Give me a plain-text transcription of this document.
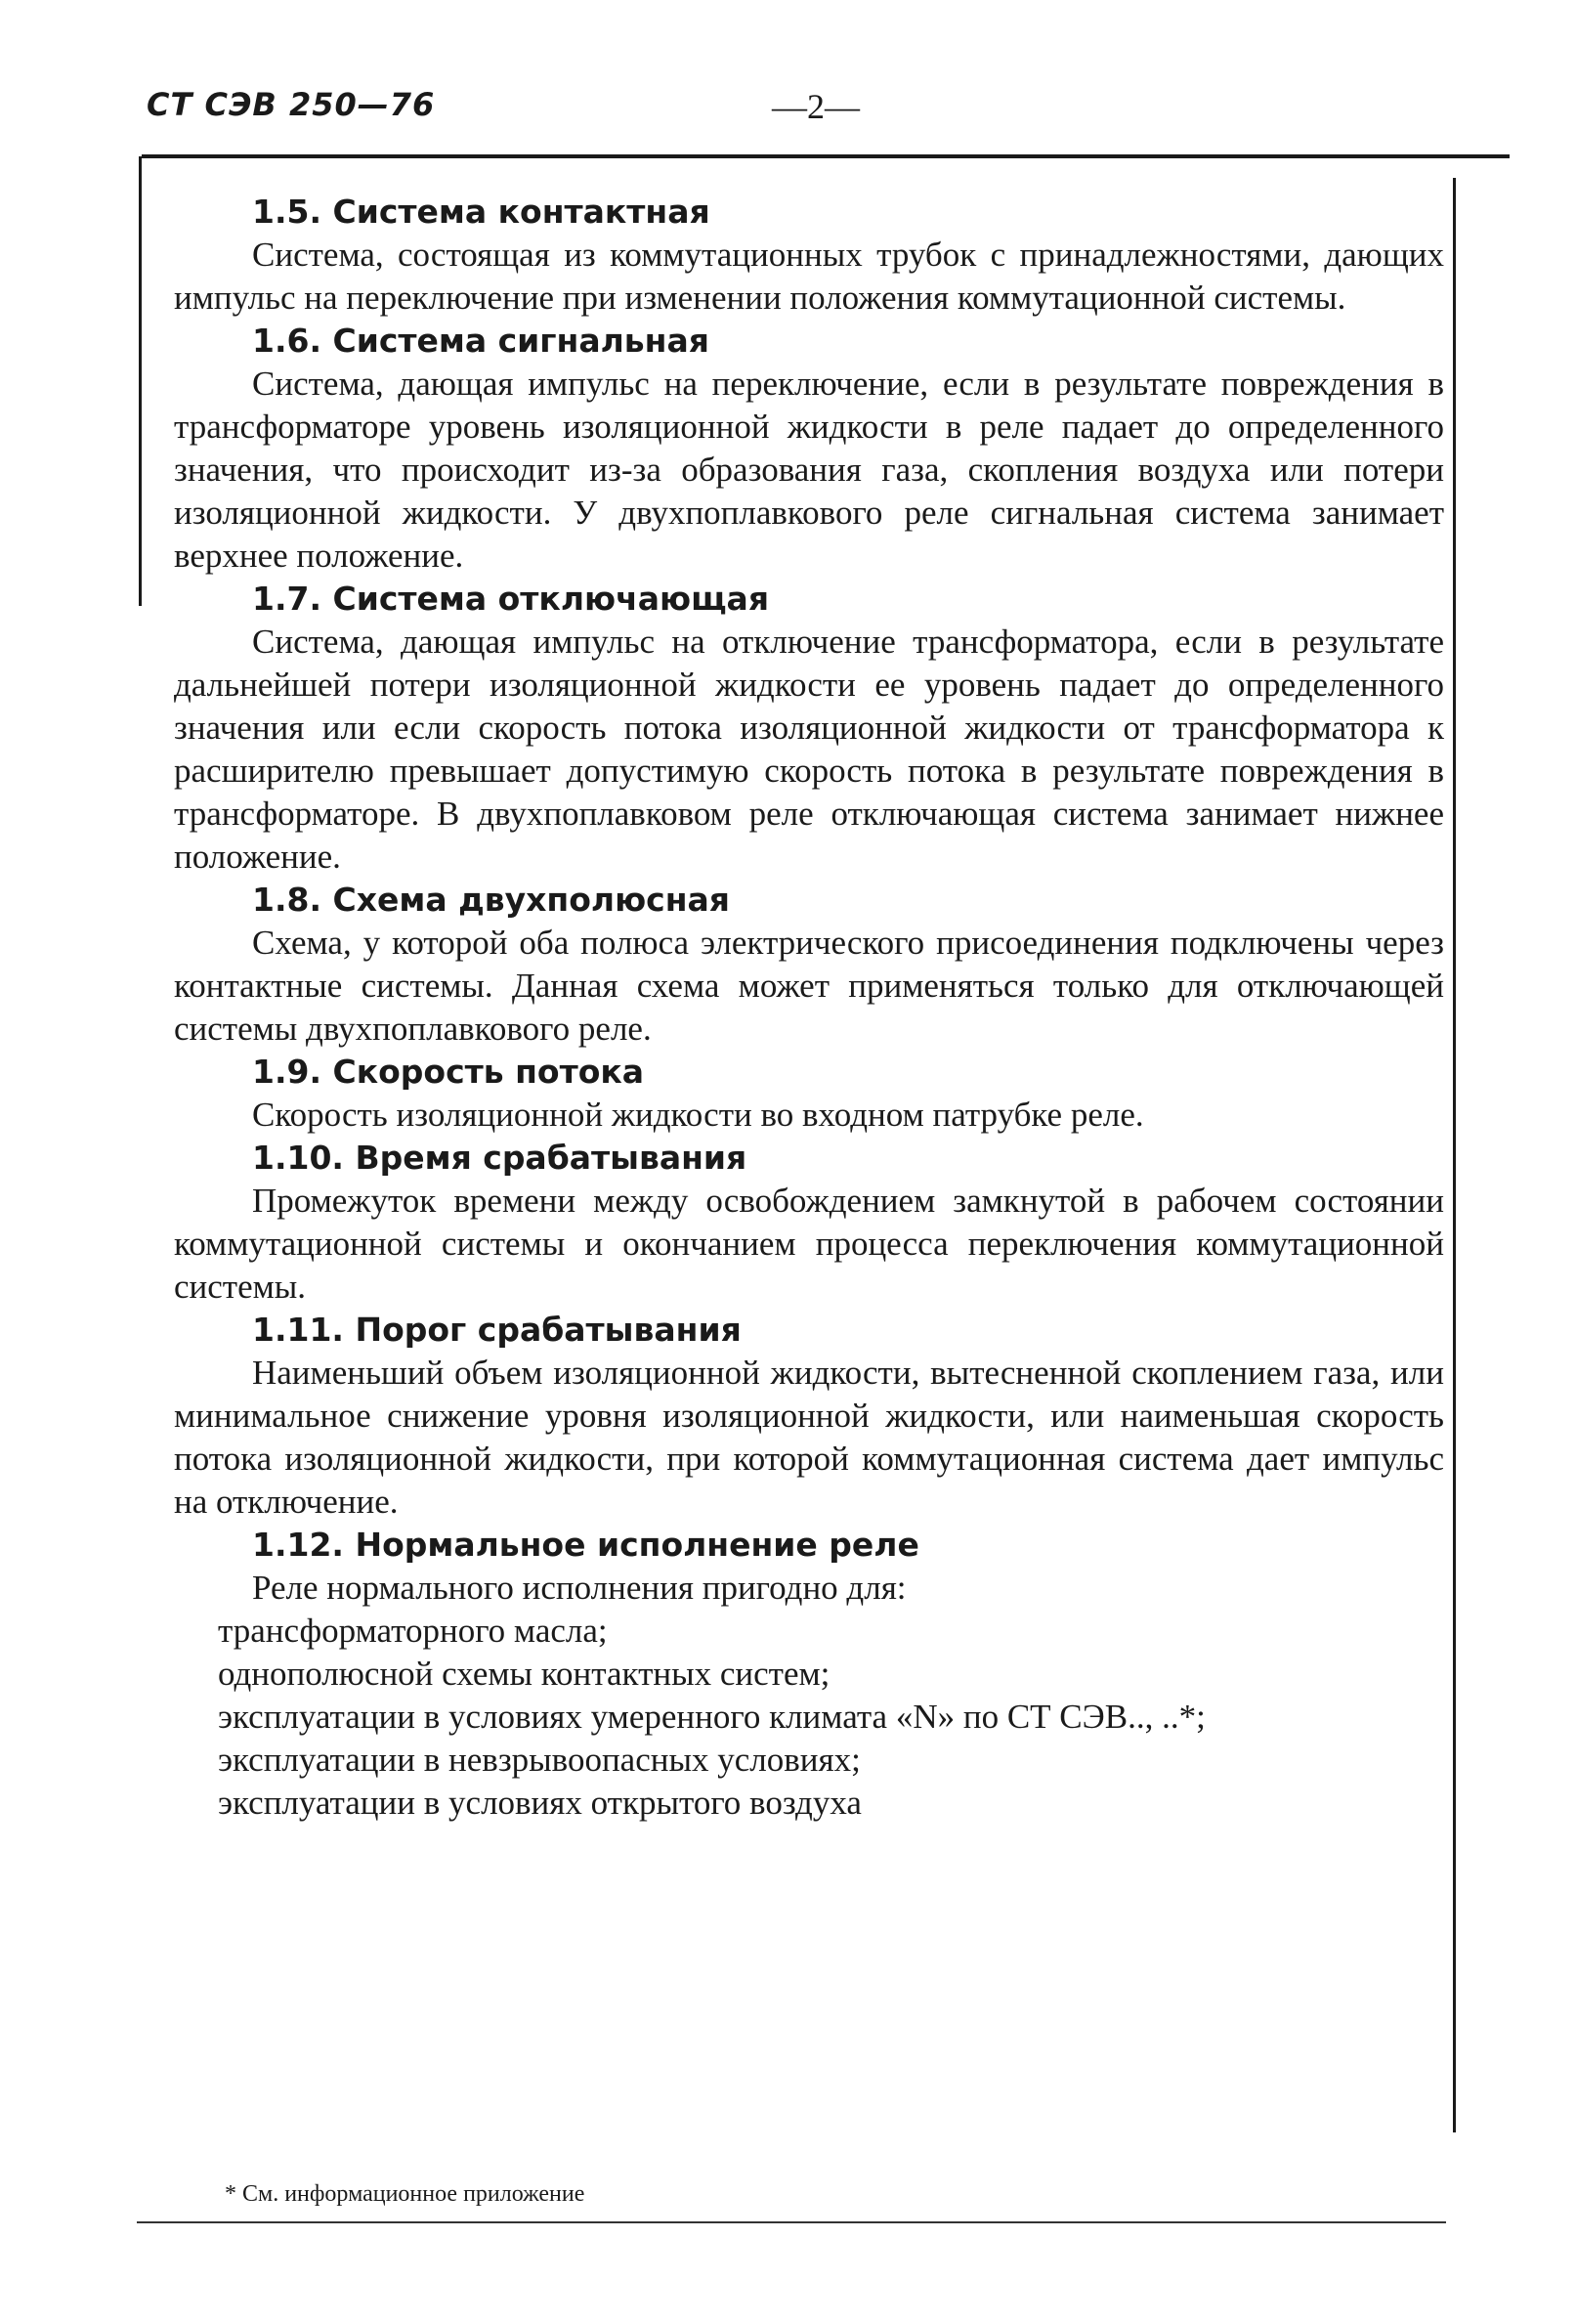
СТ СЭВ 250—76	—2—

1.5. Система контактная

Система, состоящая из коммутационных трубок с принадлежностями, дающих импульс на переключение при изменении положения коммутационной системы.

1.6. Система сигнальная

Система, дающая импульс на переключение, если в результате повреждения в трансформаторе уровень изоляционной жидкости в реле падает до определенного значения, что происходит из-за образования газа, скопления воздуха или потери изоляционной жидкости. У двухпоплавкового реле сигнальная система занимает верхнее положение.

1.7. Система отключающая

Система, дающая импульс на отключение трансформатора, если в результате дальнейшей потери изоляционной жидкости ее уровень падает до определенного значения или если скорость потока изоляционной жидкости от трансформатора к расширителю превышает допустимую скорость потока в результате повреждения в трансформаторе. В двухпоплавковом реле отключающая система занимает нижнее положение.

1.8. Схема двухполюсная

Схема, у которой оба полюса электрического присоединения подключены через контактные системы. Данная схема может применяться только для отключающей системы двухпоплавкового реле.

1.9. Скорость потока

Скорость изоляционной жидкости во входном патрубке реле.

1.10. Время срабатывания

Промежуток времени между освобождением замкнутой в рабочем состоянии коммутационной системы и окончанием процесса переключения коммутационной системы.

1.11. Порог срабатывания

Наименьший объем изоляционной жидкости, вытесненной скоплением газа, или минимальное снижение уровня изоляционной жидкости, или наименьшая скорость потока изоляционной жидкости, при которой коммутационная система дает импульс на отключение.

1.12. Нормальное исполнение реле

Реле нормального исполнения пригодно для:

трансформаторного масла;
однополюсной схемы контактных систем;
эксплуатации в условиях умеренного климата «N» по СТ СЭВ.., ..*;
эксплуатации в невзрывоопасных условиях;
эксплуатации в условиях открытого воздуха
* См. информационное приложение
